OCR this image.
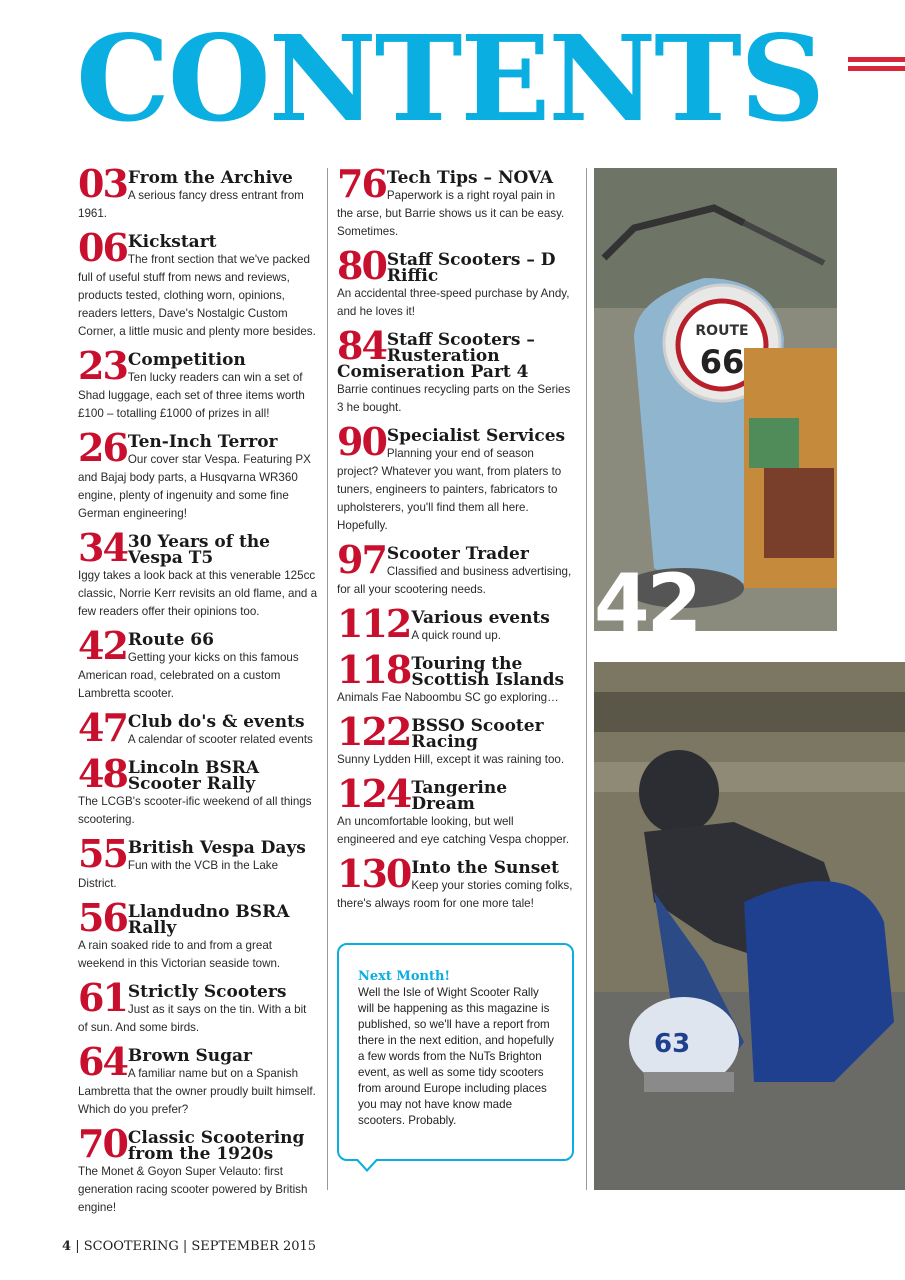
CONTENTS
03 From the Archive
A serious fancy dress entrant from 1961.
06 Kickstart
The front section that we've packed full of useful stuff from news and reviews, products tested, clothing worn, opinions, readers letters, Dave's Nostalgic Custom Corner, a little music and plenty more besides.
23 Competition
Ten lucky readers can win a set of Shad luggage, each set of three items worth £100 – totalling £1000 of prizes in all!
26 Ten-Inch Terror
Our cover star Vespa. Featuring PX and Bajaj body parts, a Husqvarna WR360 engine, plenty of ingenuity and some fine German engineering!
34 30 Years of the Vespa T5
Iggy takes a look back at this venerable 125cc classic, Norrie Kerr revisits an old flame, and a few readers offer their opinions too.
42 Route 66
Getting your kicks on this famous American road, celebrated on a custom Lambretta scooter.
47 Club do's & events
A calendar of scooter related events
48 Lincoln BSRA Scooter Rally
The LCGB's scooter-ific weekend of all things scootering.
55 British Vespa Days
Fun with the VCB in the Lake District.
56 Llandudno BSRA Rally
A rain soaked ride to and from a great weekend in this Victorian seaside town.
61 Strictly Scooters
Just as it says on the tin. With a bit of sun. And some birds.
64 Brown Sugar
A familiar name but on a Spanish Lambretta that the owner proudly built himself. Which do you prefer?
70 Classic Scootering from the 1920s
The Monet & Goyon Super Velauto: first generation racing scooter powered by British engine!
76 Tech Tips – NOVA
Paperwork is a right royal pain in the arse, but Barrie shows us it can be easy. Sometimes.
80 Staff Scooters – D Riffic
An accidental three-speed purchase by Andy, and he loves it!
84 Staff Scooters – Rusteration Comiseration Part 4
Barrie continues recycling parts on the Series 3 he bought.
90 Specialist Services
Planning your end of season project? Whatever you want, from platers to tuners, engineers to painters, fabricators to upholsterers, you'll find them all here. Hopefully.
97 Scooter Trader
Classified and business advertising, for all your scootering needs.
112 Various events
A quick round up.
118 Touring the Scottish Islands
Animals Fae Naboombu SC go exploring…
122 BSSO Scooter Racing
Sunny Lydden Hill, except it was raining too.
124 Tangerine Dream
An uncomfortable looking, but well engineered and eye catching Vespa chopper.
130 Into the Sunset
Keep your stories coming folks, there's always room for one more tale!
ROUTE
66
42
63
Next Month!
Well the Isle of Wight Scooter Rally will be happening as this magazine is published, so we'll have a report from there in the next edition, and hopefully a few words from the NuTs Brighton event, as well as some tidy scooters from around Europe including places you may not have know made scooters. Probably.
4 | SCOOTERING | SEPTEMBER 2015
